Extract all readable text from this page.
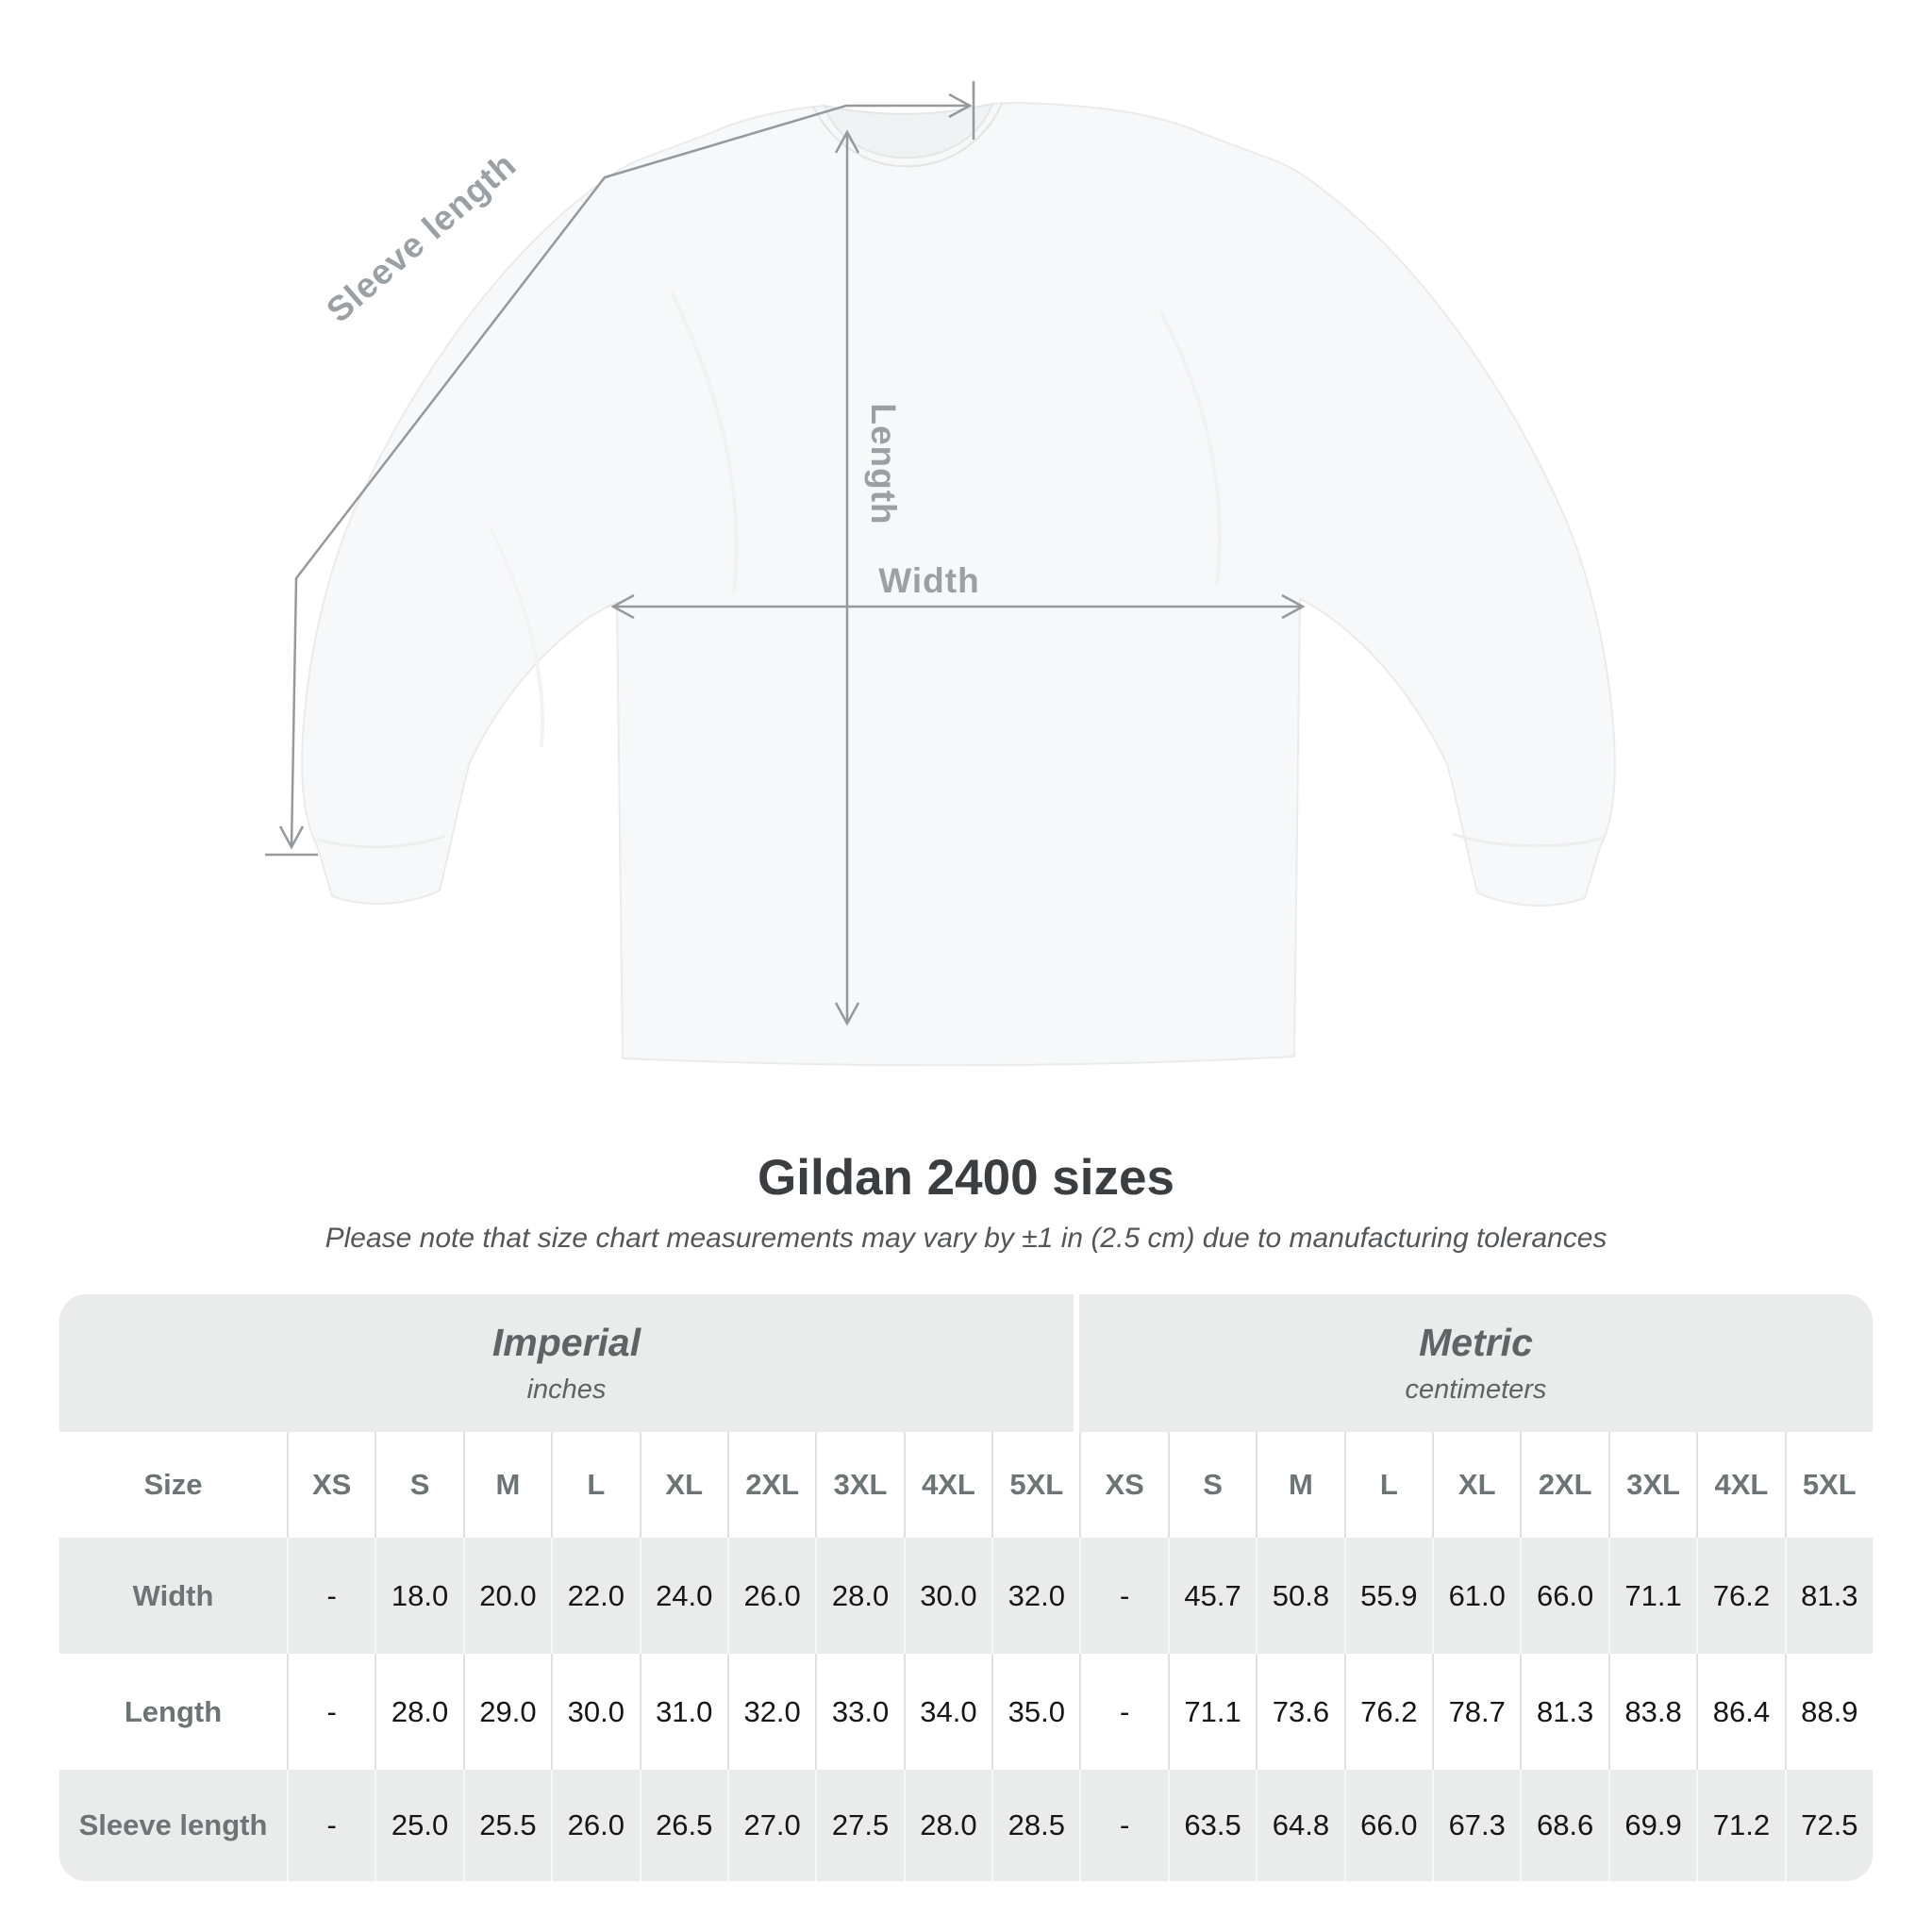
Sleeve length
Length
Width
Gildan 2400 sizes

Please note that size chart measurements may vary by ±1 in (2.5 cm) due to manufacturing tolerances

Imperial
inches
Metric
centimeters
Size	XS	S	M	L	XL	2XL	3XL	4XL	5XL	XS	S	M	L	XL	2XL	3XL	4XL	5XL
Width	-	18.0	20.0	22.0	24.0	26.0	28.0	30.0	32.0	-	45.7	50.8	55.9	61.0	66.0	71.1	76.2	81.3
Length	-	28.0	29.0	30.0	31.0	32.0	33.0	34.0	35.0	-	71.1	73.6	76.2	78.7	81.3	83.8	86.4	88.9
Sleeve length	-	25.0	25.5	26.0	26.5	27.0	27.5	28.0	28.5	-	63.5	64.8	66.0	67.3	68.6	69.9	71.2	72.5
